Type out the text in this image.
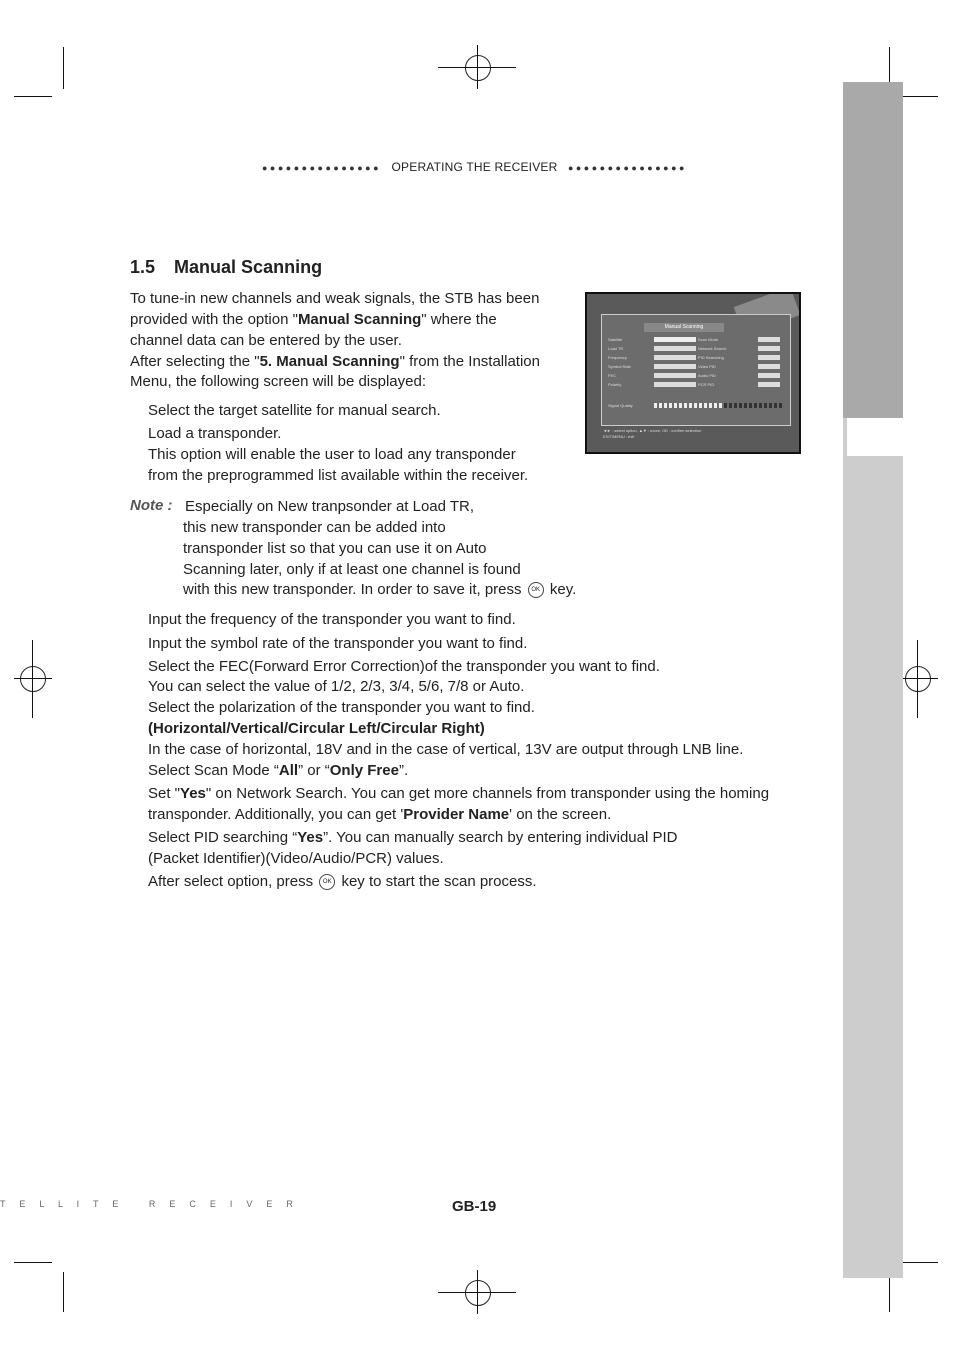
●●●●●●●●●●●●●●● OPERATING THE RECEIVER ●●●●●●●●●●●●●●●
1.5 Manual Scanning
To tune-in new channels and weak signals, the STB has been
provided with the option "Manual Scanning" where the
channel data can be entered by the user.
After selecting the "5. Manual Scanning" from the Installation
Menu, the following screen will be displayed:
Manual Scanning
Satellite	Scan Mode
Load TR	Network Search
Frequency	PID Searching
Symbol Rate	Video PID
FEC	Audio PID
Polarity	PCR PID
Signal Quality
◄► : select option, ▲▼ : move, OK : confirm selection
EXIT/MENU : exit
Select the target satellite for manual search.
Load a transponder.
This option will enable the user to load any transponder
from the preprogrammed list available within the receiver.
Note : Especially on New tranpsonder at Load TR,
this new transponder can be added into
transponder list so that you can use it on Auto
Scanning later, only if at least one channel is found
with this new transponder. In order to save it, press OK key.
Input the frequency of the transponder you want to find.
Input the symbol rate of the transponder you want to find.
Select the FEC(Forward Error Correction)of the transponder you want to find.
You can select the value of 1/2, 2/3, 3/4, 5/6, 7/8 or Auto.
Select the polarization of the transponder you want to find.
(Horizontal/Vertical/Circular Left/Circular Right)
In the case of horizontal, 18V and in the case of vertical, 13V are output through LNB line.
Select Scan Mode “All” or “Only Free”.
Set "Yes" on Network Search. You can get more channels from transponder using the homing
transponder. Additionally, you can get 'Provider Name' on the screen.
Select PID searching “Yes”. You can manually search by entering individual PID
(Packet Identifier)(Video/Audio/PCR) values.
After select option, press OK key to start the scan process.
T  E  L  L  I  T  E     R  E  C  E  I  V  E  R	GB-19
